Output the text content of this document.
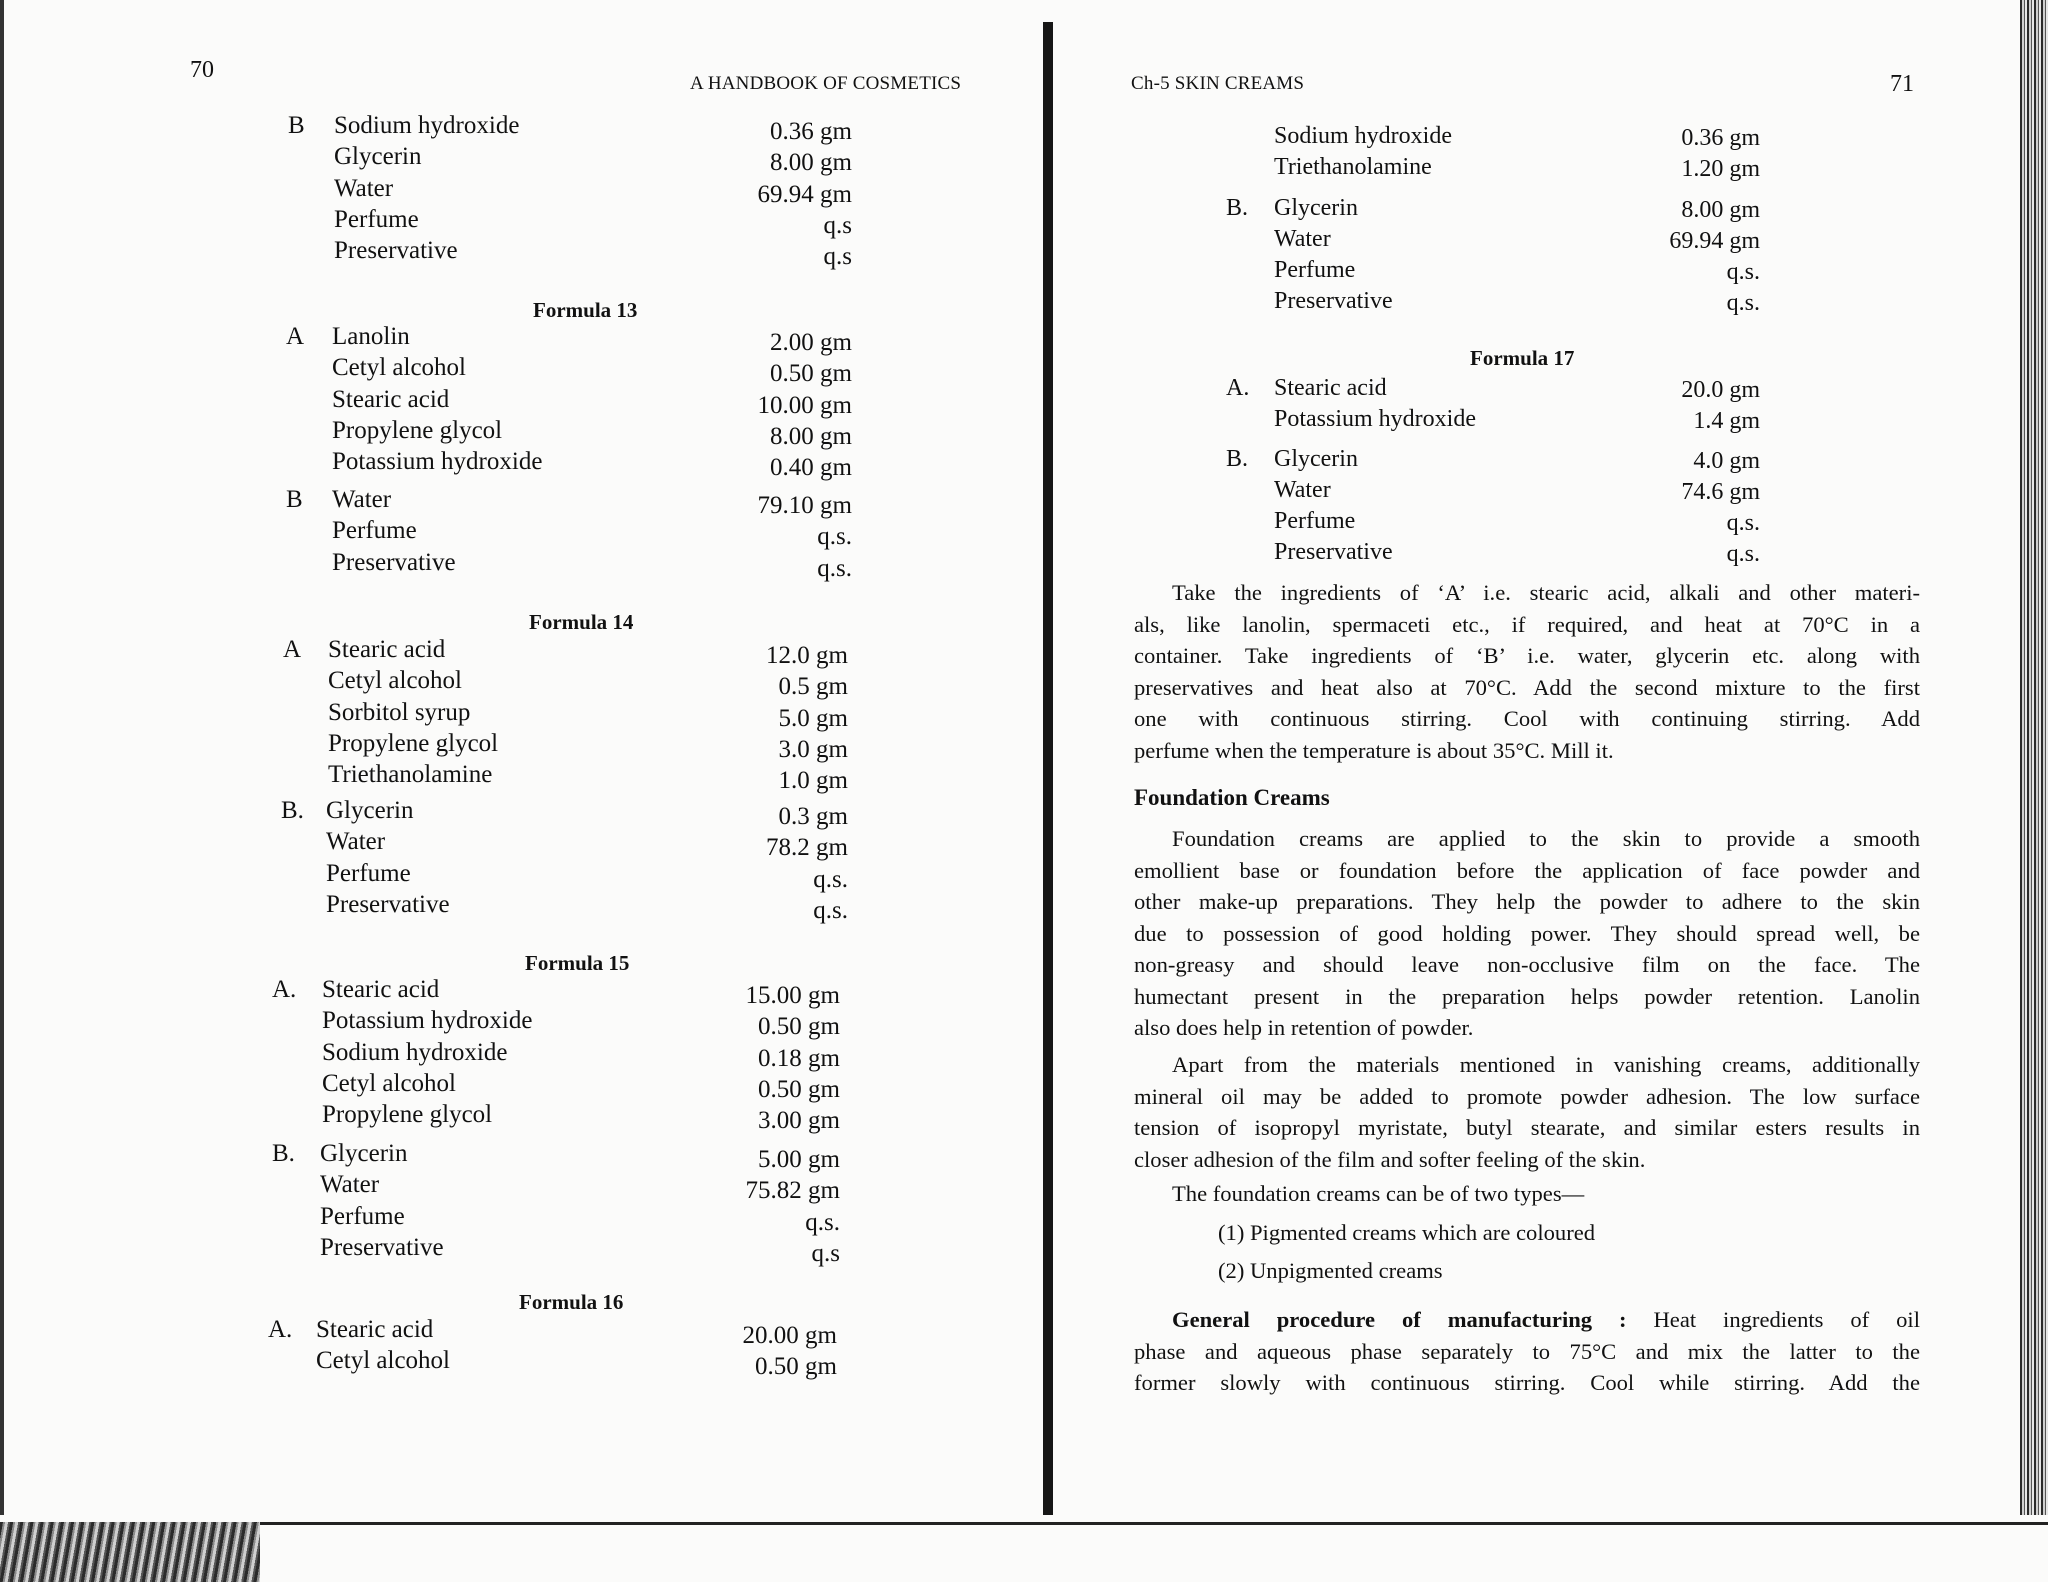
70
A HANDBOOK OF COSMETICS
B Sodium hydroxide
Glycerin
Water
Perfume
Preservative
0.36 gm
8.00 gm
69.94 gm
q.s
q.s
Formula 13
A Lanolin
Cetyl alcohol
Stearic acid
Propylene glycol
Potassium hydroxide
2.00 gm
0.50 gm
10.00 gm
8.00 gm
0.40 gm
B Water
Perfume
Preservative
79.10 gm
q.s.
q.s.
Formula 14
A Stearic acid
Cetyl alcohol
Sorbitol syrup
Propylene glycol
Triethanolamine
12.0 gm
0.5 gm
5.0 gm
3.0 gm
1.0 gm
B. Glycerin
Water
Perfume
Preservative
0.3 gm
78.2 gm
q.s.
q.s.
Formula 15
A. Stearic acid
Potassium hydroxide
Sodium hydroxide
Cetyl alcohol
Propylene glycol
15.00 gm
0.50 gm
0.18 gm
0.50 gm
3.00 gm
B. Glycerin
Water
Perfume
Preservative
5.00 gm
75.82 gm
q.s.
q.s
Formula 16
A. Stearic acid
Cetyl alcohol
20.00 gm
0.50 gm
Ch-5 SKIN CREAMS	71
Sodium hydroxide
Triethanolamine
0.36 gm
1.20 gm
B. Glycerin
Water
Perfume
Preservative
8.00 gm
69.94 gm
q.s.
q.s.
Formula 17
A. Stearic acid
Potassium hydroxide
20.0 gm
1.4 gm
B. Glycerin
Water
Perfume
Preservative
4.0 gm
74.6 gm
q.s.
q.s.
Take the ingredients of ‘A’ i.e. stearic acid, alkali and other materi-
als, like lanolin, spermaceti etc., if required, and heat at 70°C in a
container. Take ingredients of ‘B’ i.e. water, glycerin etc. along with
preservatives and heat also at 70°C. Add the second mixture to the first
one with continuous stirring. Cool with continuing stirring. Add
perfume when the temperature is about 35°C. Mill it.
Foundation Creams
Foundation creams are applied to the skin to provide a smooth
emollient base or foundation before the application of face powder and
other make-up preparations. They help the powder to adhere to the skin
due to possession of good holding power. They should spread well, be
non-greasy and should leave non-occlusive film on the face. The
humectant present in the preparation helps powder retention. Lanolin
also does help in retention of powder.
Apart from the materials mentioned in vanishing creams, additionally
mineral oil may be added to promote powder adhesion. The low surface
tension of isopropyl myristate, butyl stearate, and similar esters results in
closer adhesion of the film and softer feeling of the skin.
The foundation creams can be of two types—
(1) Pigmented creams which are coloured
(2) Unpigmented creams
General procedure of manufacturing : Heat ingredients of oil
phase and aqueous phase separately to 75°C and mix the latter to the
former slowly with continuous stirring. Cool while stirring. Add the
